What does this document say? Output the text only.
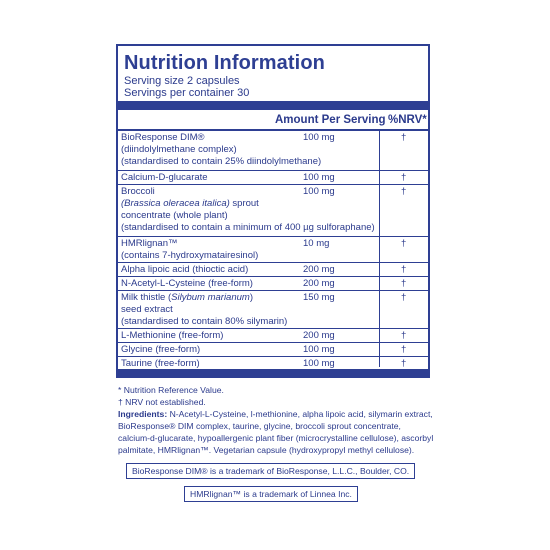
Nutrition Information
Serving size 2 capsules
Servings per container 30
Amount Per Serving %NRV*
BioResponse DIM®
(diindolylmethane complex)
(standardised to contain 25% diindolylmethane)
100 mg	†
Calcium-D-glucarate	100 mg	†
Broccoli
(Brassica oleracea italica) sprout
concentrate (whole plant)
(standardised to contain a minimum of 400 µg sulforaphane)
100 mg	†
HMRlignan™
(contains 7-hydroxymatairesinol)
10 mg	†
Alpha lipoic acid (thioctic acid)	200 mg	†
N-Acetyl-L-Cysteine (free-form)	200 mg	†
Milk thistle (Silybum marianum)
seed extract
(standardised to contain 80% silymarin)
150 mg	†
L-Methionine (free-form)	200 mg	†
Glycine (free-form)	100 mg	†
Taurine (free-form)	100 mg	†
* Nutrition Reference Value.
† NRV not established.
Ingredients: N-Acetyl-L-Cysteine, l-methionine, alpha lipoic acid, silymarin extract,
BioResponse® DIM complex, taurine, glycine, broccoli sprout concentrate,
calcium-d-glucarate, hypoallergenic plant fiber (microcrystalline cellulose), ascorbyl
palmitate, HMRlignan™. Vegetarian capsule (hydroxypropyl methyl cellulose).
BioResponse DIM® is a trademark of BioResponse, L.L.C., Boulder, CO.
HMRlignan™ is a trademark of Linnea Inc.
